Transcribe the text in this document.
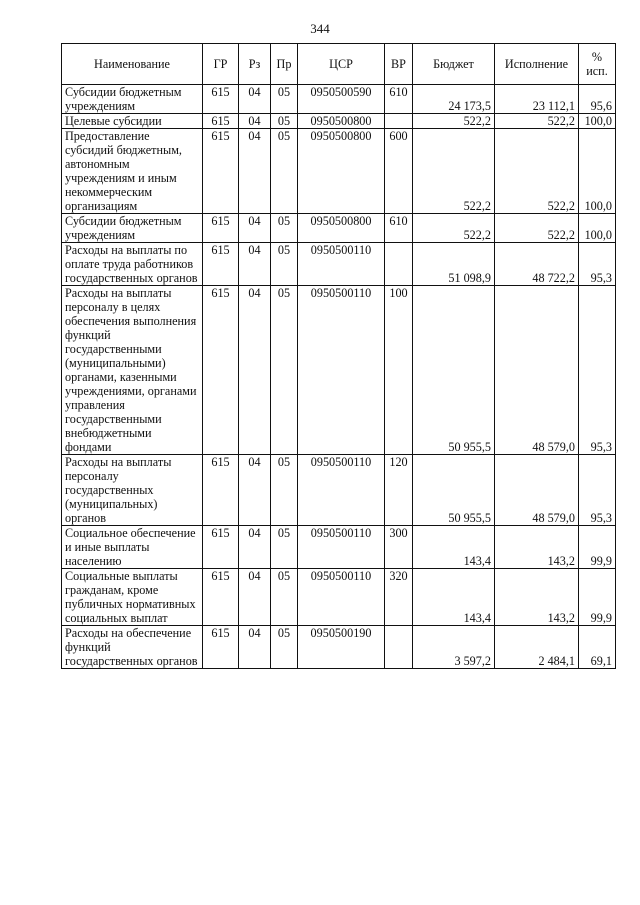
344
Наименование	ГР	Рз	Пр	ЦСР	ВР	Бюджет	Исполнение	%
исп.
Субсидии бюджетным учреждениям	615	04	05	0950500590	610	24 173,5	23 112,1	95,6
Целевые субсидии	615	04	05	0950500800		522,2	522,2	100,0
Предоставление субсидий бюджетным, автономным учреждениям и иным некоммерческим организациям	615	04	05	0950500800	600	522,2	522,2	100,0
Субсидии бюджетным учреждениям	615	04	05	0950500800	610	522,2	522,2	100,0
Расходы на выплаты по оплате труда работников государственных органов	615	04	05	0950500110		51 098,9	48 722,2	95,3
Расходы на выплаты персоналу в целях обеспечения выполнения функций государственными (муниципальными) органами, казенными учреждениями, органами управления государственными внебюджетными фондами	615	04	05	0950500110	100	50 955,5	48 579,0	95,3
Расходы на выплаты персоналу государственных (муниципальных) органов	615	04	05	0950500110	120	50 955,5	48 579,0	95,3
Социальное обеспечение и иные выплаты населению	615	04	05	0950500110	300	143,4	143,2	99,9
Социальные выплаты гражданам, кроме публичных нормативных социальных выплат	615	04	05	0950500110	320	143,4	143,2	99,9
Расходы на обеспечение функций государственных органов	615	04	05	0950500190		3 597,2	2 484,1	69,1
